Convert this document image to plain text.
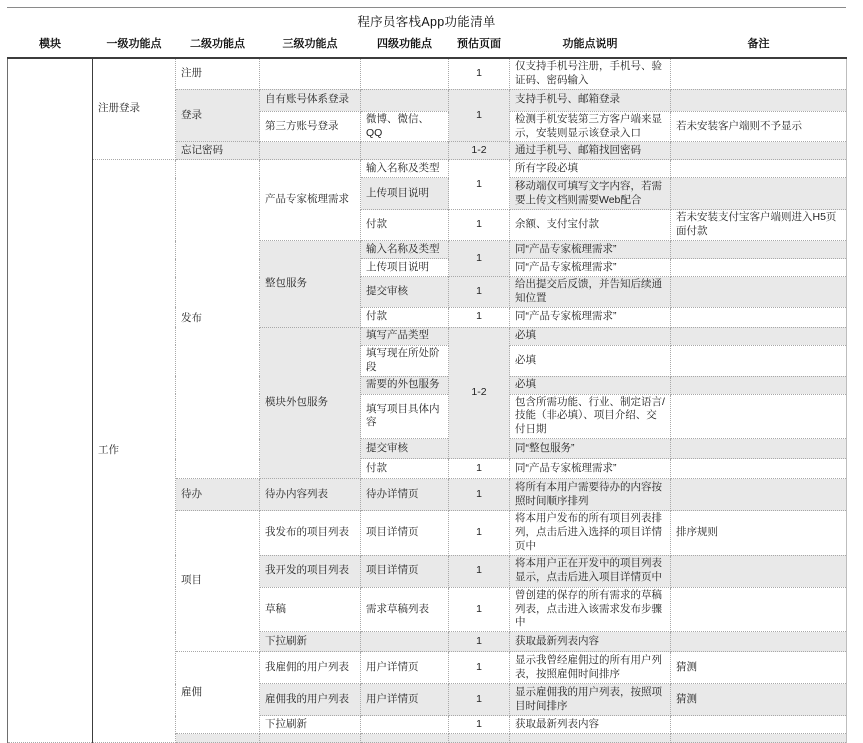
程序员客栈App功能清单
模块	一级功能点	二级功能点	三级功能点	四级功能点	预估页面	功能点说明	备注
	注册登录	注册			1	仅支持手机号注册，手机号、验证码、密码输入	
		登录	自有账号体系登录		1	支持手机号、邮箱登录	
			第三方账号登录	微博、微信、QQ		检测手机安装第三方客户端来显示，安装则显示该登录入口	若未安装客户端则不予显示
		忘记密码			1-2	通过手机号、邮箱找回密码	
	工作	发布	产品专家梳理需求	输入名称及类型	1	所有字段必填	
				上传项目说明		移动端仅可填写文字内容，若需要上传文档则需要Web配合	
				付款	1	余额、支付宝付款	若未安装支付宝客户端则进入H5页面付款
			整包服务	输入名称及类型	1	同“产品专家梳理需求”	
				上传项目说明		同“产品专家梳理需求”	
				提交审核	1	给出提交后反馈，并告知后续通知位置	
				付款	1	同“产品专家梳理需求”	
			模块外包服务	填写产品类型	1-2	必填	
				填写现在所处阶段		必填	
				需要的外包服务		必填	
				填写项目具体内容		包含所需功能、行业、制定语言/技能（非必填）、项目介绍、交付日期	
				提交审核		同“整包服务”	
				付款	1	同“产品专家梳理需求”	
		待办	待办内容列表	待办详情页	1	将所有本用户需要待办的内容按照时间顺序排列	
		项目	我发布的项目列表	项目详情页	1	将本用户发布的所有项目列表排列，点击后进入选择的项目详情页中	排序规则
			我开发的项目列表	项目详情页	1	将本用户正在开发中的项目列表显示，点击后进入项目详情页中	
			草稿	需求草稿列表	1	曾创建的保存的所有需求的草稿列表，点击进入该需求发布步骤中	
			下拉刷新		1	获取最新列表内容	
		雇佣	我雇佣的用户列表	用户详情页	1	显示我曾经雇佣过的所有用户列表，按照雇佣时间排序	猜测
			雇佣我的用户列表	用户详情页	1	显示雇佣我的用户列表，按照项目时间排序	猜测
			下拉刷新		1	获取最新列表内容	
